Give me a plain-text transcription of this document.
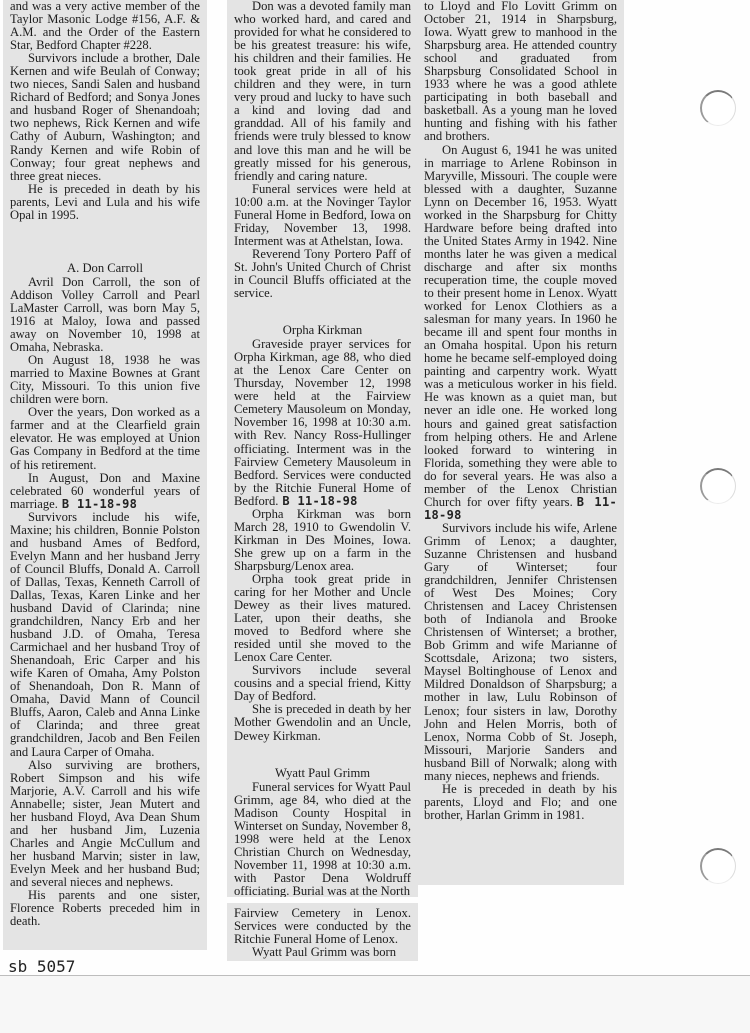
and was a very active member of the Taylor Masonic Lodge #156, A.F. & A.M. and the Order of the Eastern Star, Bedford Chapter #228.

Survivors include a brother, Dale Kernen and wife Beulah of Conway; two nieces, Sandi Salen and husband Richard of Bedford; and Sonya Jones and husband Roger of Shenandoah; two nephews, Rick Kernen and wife Cathy of Auburn, Washington; and Randy Kernen and wife Robin of Conway; four great nephews and three great nieces.

He is preceded in death by his parents, Levi and Lula and his wife Opal in 1995.

A. Don Carroll

Avril Don Carroll, the son of Addison Volley Carroll and Pearl LaMaster Carroll, was born May 5, 1916 at Maloy, Iowa and passed away on November 10, 1998 at Omaha, Nebraska.

On August 18, 1938 he was married to Maxine Bownes at Grant City, Missouri. To this union five children were born.

Over the years, Don worked as a farmer and at the Clearfield grain elevator. He was employed at Union Gas Company in Bedford at the time of his retirement.

In August, Don and Maxine celebrated 60 wonderful years of marriage. B 11-18-98

Survivors include his wife, Maxine; his children, Bonnie Polston and husband Ames of Bedford, Evelyn Mann and her husband Jerry of Council Bluffs, Donald A. Carroll of Dallas, Texas, Kenneth Carroll of Dallas, Texas, Karen Linke and her husband David of Clarinda; nine grandchildren, Nancy Erb and her husband J.D. of Omaha, Teresa Carmichael and her husband Troy of Shenandoah, Eric Carper and his wife Karen of Omaha, Amy Polston of Shenandoah, Don R. Mann of Omaha, David Mann of Council Bluffs, Aaron, Caleb and Anna Linke of Clarinda; and three great grandchildren, Jacob and Ben Feilen and Laura Carper of Omaha.

Also surviving are brothers, Robert Simpson and his wife Marjorie, A.V. Carroll and his wife Annabelle; sister, Jean Mutert and her husband Floyd, Ava Dean Shum and her husband Jim, Luzenia Charles and Angie McCullum and her husband Marvin; sister in law, Evelyn Meek and her husband Bud; and several nieces and nephews.

His parents and one sister, Florence Roberts preceded him in death.

Don was a devoted family man who worked hard, and cared and provided for what he considered to be his greatest treasure: his wife, his children and their families. He took great pride in all of his children and they were, in turn very proud and lucky to have such a kind and loving dad and granddad. All of his family and friends were truly blessed to know and love this man and he will be greatly missed for his generous, friendly and caring nature.

Funeral services were held at 10:00 a.m. at the Novinger Taylor Funeral Home in Bedford, Iowa on Friday, November 13, 1998. Interment was at Athelstan, Iowa.

Reverend Tony Portero Paff of St. John's United Church of Christ in Council Bluffs officiated at the service.

Orpha Kirkman

Graveside prayer services for Orpha Kirkman, age 88, who died at the Lenox Care Center on Thursday, November 12, 1998 were held at the Fairview Cemetery Mausoleum on Monday, November 16, 1998 at 10:30 a.m. with Rev. Nancy Ross-Hullinger officiating. Interment was in the Fairview Cemetery Mausoleum in Bedford. Services were conducted by the Ritchie Funeral Home of Bedford. B 11-18-98

Orpha Kirkman was born March 28, 1910 to Gwendolin V. Kirkman in Des Moines, Iowa. She grew up on a farm in the Sharpsburg/Lenox area.

Orpha took great pride in caring for her Mother and Uncle Dewey as their lives matured. Later, upon their deaths, she moved to Bedford where she resided until she moved to the Lenox Care Center.

Survivors include several cousins and a special friend, Kitty Day of Bedford.

She is preceded in death by her Mother Gwendolin and an Uncle, Dewey Kirkman.

Wyatt Paul Grimm

Funeral services for Wyatt Paul Grimm, age 84, who died at the Madison County Hospital in Winterset on Sunday, November 8, 1998 were held at the Lenox Christian Church on Wednesday, November 11, 1998 at 10:30 a.m. with Pastor Dena Woldruff officiating. Burial was at the North

Fairview Cemetery in Lenox. Services were conducted by the Ritchie Funeral Home of Lenox.

Wyatt Paul Grimm was born

to Lloyd and Flo Lovitt Grimm on October 21, 1914 in Sharpsburg, Iowa. Wyatt grew to manhood in the Sharpsburg area. He attended country school and graduated from Sharpsburg Consolidated School in 1933 where he was a good athlete participating in both baseball and basketball. As a young man he loved hunting and fishing with his father and brothers.

On August 6, 1941 he was united in marriage to Arlene Robinson in Maryville, Missouri. The couple were blessed with a daughter, Suzanne Lynn on December 16, 1953. Wyatt worked in the Sharpsburg for Chitty Hardware before being drafted into the United States Army in 1942. Nine months later he was given a medical discharge and after six months recuperation time, the couple moved to their present home in Lenox. Wyatt worked for Lenox Clothiers as a salesman for many years. In 1960 he became ill and spent four months in an Omaha hospital. Upon his return home he became self-employed doing painting and carpentry work. Wyatt was a meticulous worker in his field. He was known as a quiet man, but never an idle one. He worked long hours and gained great satisfaction from helping others. He and Arlene looked forward to wintering in Florida, something they were able to do for several years. He was also a member of the Lenox Christian Church for over fifty years. B 11-18-98

Survivors include his wife, Arlene Grimm of Lenox; a daughter, Suzanne Christensen and husband Gary of Winterset; four grandchildren, Jennifer Christensen of West Des Moines; Cory Christensen and Lacey Christensen both of Indianola and Brooke Christensen of Winterset; a brother, Bob Grimm and wife Marianne of Scottsdale, Arizona; two sisters, Maysel Boltinghouse of Lenox and Mildred Donaldson of Sharpsburg; a mother in law, Lulu Robinson of Lenox; four sisters in law, Dorothy John and Helen Morris, both of Lenox, Norma Cobb of St. Joseph, Missouri, Marjorie Sanders and husband Bill of Norwalk; along with many nieces, nephews and friends.

He is preceded in death by his parents, Lloyd and Flo; and one brother, Harlan Grimm in 1981.

sb 5057
